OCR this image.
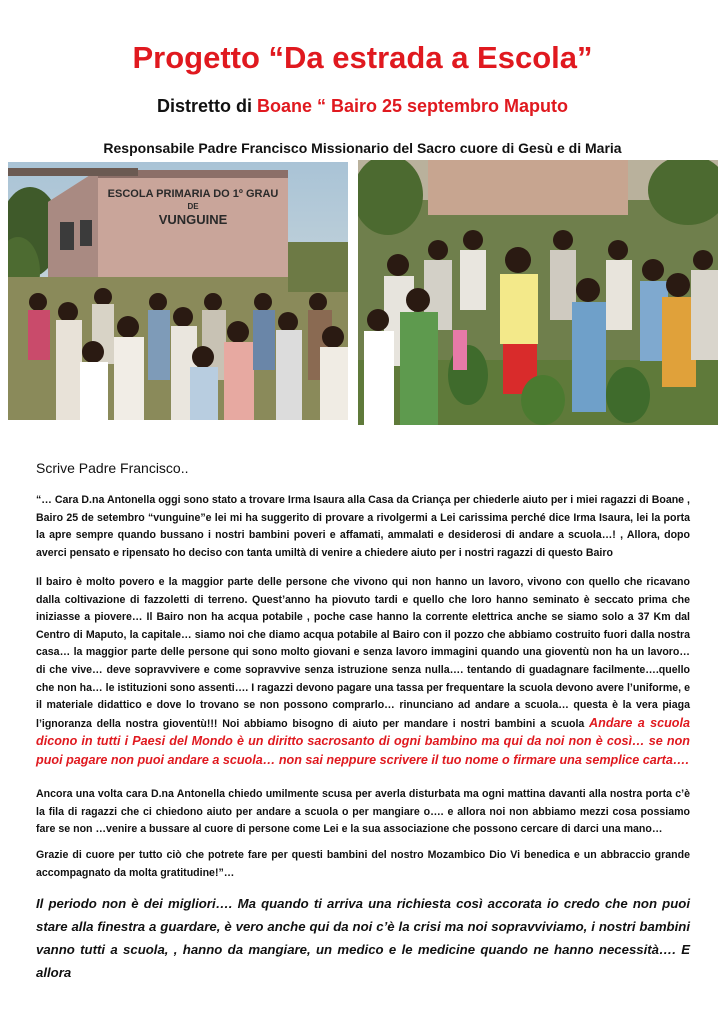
Progetto “Da estrada a Escola”
Distretto di Boane “ Bairo 25 septembro Maputo
Responsabile Padre Francisco Missionario del Sacro cuore di Gesù e di Maria
ESCOLA PRIMARIA DO 1º GRAU
DE
VUNGUINE
Scrive Padre Francisco..

“… Cara D.na Antonella oggi sono stato a trovare Irma Isaura alla Casa da Criança per chiederle aiuto per i miei ragazzi di Boane , Bairo 25 de setembro “vunguine”e lei mi ha suggerito di provare a rivolgermi a Lei carissima perché dice Irma Isaura, lei la porta la apre sempre quando bussano i nostri bambini poveri e affamati, ammalati e desiderosi di andare a scuola…! , Allora, dopo averci pensato e ripensato ho deciso con tanta umiltà di venire a chiedere aiuto per i nostri ragazzi di questo Bairo

Il bairo è molto povero e la maggior parte delle persone che vivono qui non hanno un lavoro, vivono con quello che ricavano dalla coltivazione di fazzoletti di terreno. Quest’anno ha piovuto tardi e quello che loro hanno seminato è seccato prima che iniziasse a piovere… Il Bairo non ha acqua potabile , poche case hanno la corrente elettrica anche se siamo solo a 37 Km dal Centro di Maputo, la capitale… siamo noi che diamo acqua potabile al Bairo con il pozzo che abbiamo costruito fuori dalla nostra casa… la maggior parte delle persone qui sono molto giovani e senza lavoro immagini quando una gioventù non ha un lavoro… di che vive… deve sopravvivere e come sopravvive senza istruzione senza nulla…. tentando di guadagnare facilmente….quello che non ha… le istituzioni sono assenti…. I ragazzi devono pagare una tassa per frequentare la scuola devono avere l’uniforme, e il materiale didattico e dove lo trovano se non possono comprarlo… rinunciano ad andare a scuola… questa è la vera piaga l’ignoranza della nostra gioventù!!! Noi abbiamo bisogno di aiuto per mandare i nostri bambini a scuola Andare a scuola dicono in tutti i Paesi del Mondo è un diritto sacrosanto di ogni bambino ma qui da noi non è così… se non puoi pagare non puoi andare a scuola… non sai neppure scrivere il tuo nome o firmare una semplice carta….

Ancora una volta cara D.na Antonella chiedo umilmente scusa per averla disturbata ma ogni mattina davanti alla nostra porta c’è la fila di ragazzi che ci chiedono aiuto per andare a scuola o per mangiare o…. e allora noi non abbiamo mezzi cosa possiamo fare se non …venire a bussare al cuore di persone come Lei e la sua associazione che possono cercare di darci una mano…

Grazie di cuore per tutto ciò che potrete fare per questi bambini del nostro Mozambico Dio Vi benedica e un abbraccio grande accompagnato da molta gratitudine!”…

Il periodo non è dei migliori…. Ma quando ti arriva una richiesta così accorata io credo che non puoi stare alla finestra a guardare, è vero anche qui da noi c’è la crisi ma noi sopravviviamo, i nostri bambini vanno tutti a scuola, , hanno da mangiare, un medico e le medicine quando ne hanno necessità…. E allora
